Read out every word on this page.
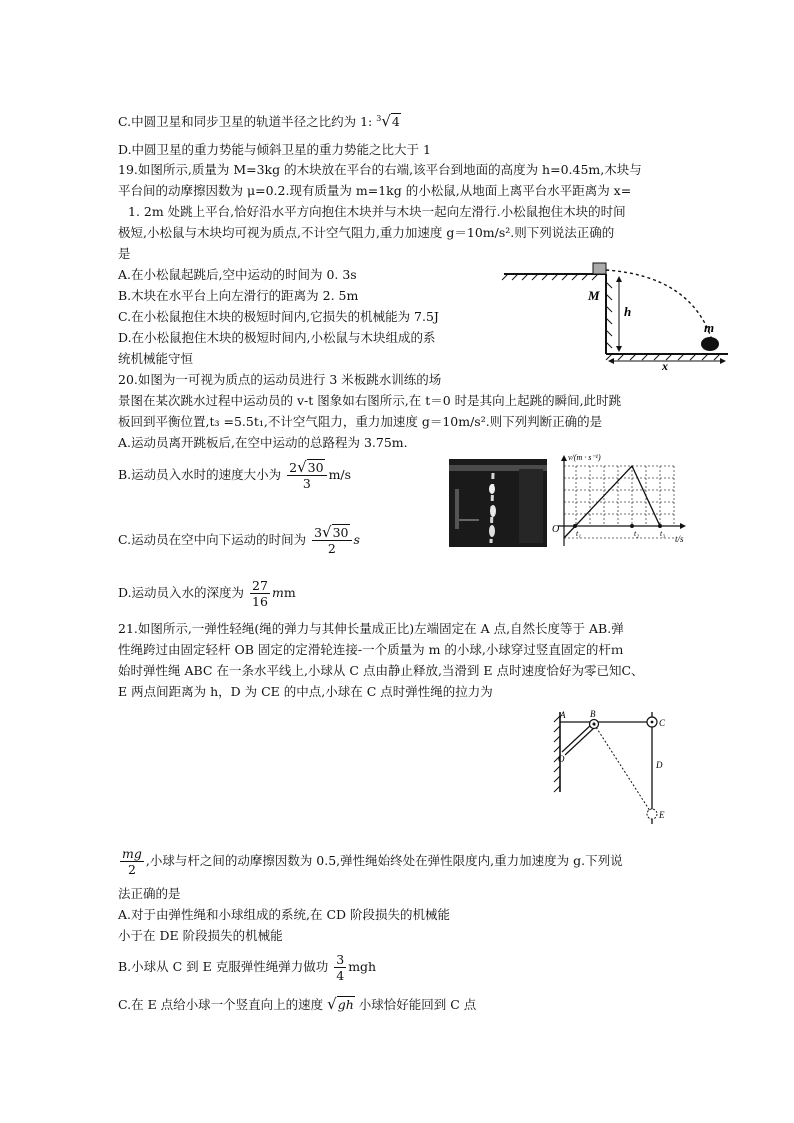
C.中圆卫星和同步卫星的轨道半径之比约为 1: $^3$√4
D.中圆卫星的重力势能与倾斜卫星的重力势能之比大于 1
19.如图所示,质量为 M=3kg 的木块放在平台的右端,该平台到地面的高度为 h=0.45m,木块与
平台间的动摩擦因数为 μ=0.2.现有质量为 m=1kg 的小松鼠,从地面上离平台水平距离为 x=
1. 2m 处跳上平台,恰好沿水平方向抱住木块并与木块一起向左滑行.小松鼠抱住木块的时间
极短,小松鼠与木块均可视为质点,不计空气阻力,重力加速度 g＝10m/s².则下列说法正确的
是
A.在小松鼠起跳后,空中运动的时间为 0. 3s
B.木块在水平台上向左滑行的距离为 2. 5m
C.在小松鼠抱住木块的极短时间内,它损失的机械能为 7.5J
D.在小松鼠抱住木块的极短时间内,小松鼠与木块组成的系
统机械能守恒
M
h
m
x
20.如图为一可视为质点的运动员进行 3 米板跳水训练的场
景图在某次跳水过程中运动员的 v-t 图象如右图所示,在 t＝0 时是其向上起跳的瞬间,此时跳
板回到平衡位置,t₃ =5.5t₁,不计空气阻力，重力加速度 g＝10m/s².则下列判断正确的是
A.运动员离开跳板后,在空中运动的总路程为 3.75m.
B.运动员入水时的速度大小为 $\frac{2√30}{3} m/s$
C.运动员在空中向下运动的时间为 $\frac{3√30}{2}$ s
D.运动员入水的深度为 $\frac{27}{16}$ mm
v/(m · s⁻¹)
O t₁	t₂	t₃
t/s
21.如图所示,一弹性轻绳(绳的弹力与其伸长量成正比)左端固定在 A 点,自然长度等于 AB.弹
性绳跨过由固定轻杆 OB 固定的定滑轮连接-一个质量为 m 的小球,小球穿过竖直固定的杆ｍ
始时弹性绳 ABC 在一条水平线上,小球从 C 点由静止释放,当滑到 E 点时速度恰好为零已知C、
E 两点间距离为 h，D 为 CE 的中点,小球在 C 点时弹性绳的拉力为
A	B
C
D
E
O
$\frac{mg}{2}$ ,小球与杆之间的动摩擦因数为 0.5,弹性绳始终处在弹性限度内,重力加速度为 g.下列说
法正确的是
A.对于由弹性绳和小球组成的系统,在 CD 阶段损失的机械能
小于在 DE 阶段损失的机械能
B.小球从 C 到 E 克服弹性绳弹力做功 $\frac{3}{4}$ mgh
C.在 E 点给小球一个竖直向上的速度 √gh 小球恰好能回到 C 点
